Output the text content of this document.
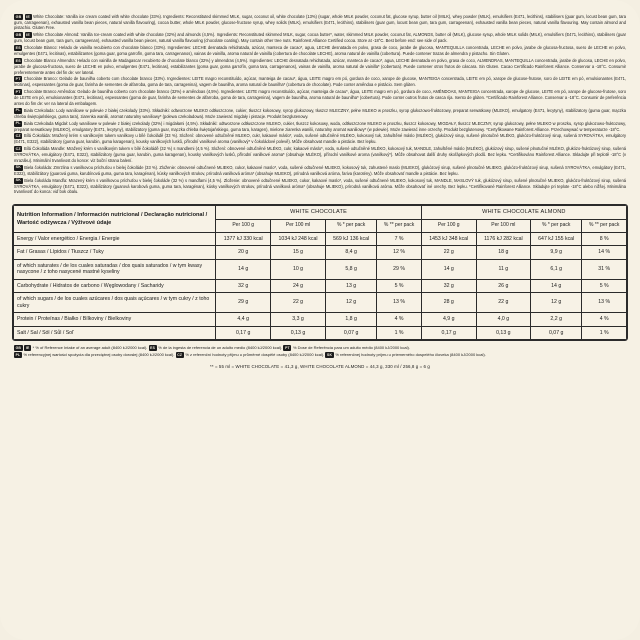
GB IE White Chocolate: Vanilla ice cream coated with white chocolate (33%). Ingredients: Reconstituted skimmed MILK, sugar, coconut oil, white chocolate (13%) (sugar, whole MILK powder, coconut fat, glucose syrup, butter oil (MILK), whey powder (MILK), emulsifiers (E471, lecithins), stabilisers (guar gum, locust bean gum, tara gum, carrageenan), exhausted vanilla bean pieces, natural vanilla flavouring), cocoa butter, whole MILK powder, glucose-fructose syrup, whey solids (MILK), emulsifiers (E471, lecithins), stabilisers (guar gum, locust bean gum, tara gum, carrageenan), exhausted vanilla bean pieces, natural vanilla flavouring. May contain almond and pistachio. Gluten Free.
GB IE White Chocolate Almond: Vanilla Ice-cream coated with white chocolate (32%) and almonds (4,5%). Ingredients: Reconstituted skimmed MILK, sugar, cocoa butter*, water, skimmed MILK powder, coconut fat, ALMONDS, butter oil (MILK), glucose syrup, whole MILK solids (MILK), emulsifiers (E471, lecithins), stabilisers (guar gum, locust bean gum, tara gum, carrageenan), exhausted vanilla bean pieces, natural vanilla flavouring (chocolate coating). May contain other tree nuts. Rainforest Alliance Certified cocoa. Store at -18°C. Best before end: see side of pack.
ES Chocolate Blanco: Helado de vainilla recubierto con chocolate blanco (33%). Ingredientes: LECHE desnatada rehidratada, azúcar, manteca de cacao*, agua, LECHE desnatada en polvo, grasa de coco, jarabe de glucosa, MANTEQUILLA concentrada, LECHE en polvo, jarabe de glucosa-fructosa, suero de LECHE en polvo, emulgentes (E471, lecitinas), estabilizantes (goma guar, goma garrofín, goma tara, carragenanos), vainas de vainilla, aroma natural de vainilla (cobertura de chocolate LECHE), aroma natural de vainilla (cobertura). Puede contener trazas de almendra y pistacho. Sin Gluten.
ES Chocolate Blanco Almendra: Helado con vainilla de Madagascar recubierto de chocolate blanco (32%) y almendras (4,5%). Ingredientes: LECHE desnatada rehidratada, azúcar, manteca de cacao*, agua, LECHE desnatada en polvo, grasa de coco, ALMENDRAS, MANTEQUILLA concentrada, jarabe de glucosa, LECHE en polvo, jarabe de glucosa-fructosa, suero de LECHE en polvo, emulgentes (E471, lecitinas), estabilizantes (goma guar, goma garrofín, goma tara, carragenanos), vainas de vainilla, aroma natural de vainilla* (cobertura). Puede contener otros frutos de cáscara. Sin Gluten. Cacao Certificado Rainforest Alliance. Conservar a -18°C. Consumir preferentemente antes del fin de: ver lateral.
PT Chocolate Branco: Gelado de baunilha coberto com chocolate branco (33%). Ingredientes: LEITE magro reconstituído, açúcar, manteiga de cacau*, água, LEITE magro em pó, gordura de coco, xarope de glucose, MANTEIGA concentrada, LEITE em pó, xarope de glucose-frutose, soro de LEITE em pó, emulsionantes (E471, lecitinas), espessantes (goma de guar, farinha de sementes de alfarroba, goma de tara, carragenina), vagem de baunilha, aroma natural de baunilha* (cobertura de chocolate). Pode conter amêndoa e pistácio. Sem glúten.
PT Chocolate Branco Amêndoa: Gelado de baunilha coberto com chocolate branco (32%) e amêndoas (4,5%). Ingredientes: LEITE magro reconstituído, açúcar, manteiga de cacau*, água, LEITE magro em pó, gordura de coco, AMÊNDOAS, MANTEIGA concentrada, xarope de glucose, LEITE em pó, xarope de glucose-frutose, soro de LEITE em pó, emulsionantes (E471, lecitinas), espessantes (goma de guar, farinha de sementes de alfarroba, goma de tara, carragenina), vagem de baunilha, aroma natural de baunilha* (cobertura). Pode conter outros frutos de casca rija. Isento de glúten. *Certificado Rainforest Alliance. Conservar a -18°C. Consumir de preferência antes do fim de: ver na lateral da embalagem.
PL Biała Czekolada: Lody waniliowe w polewie z białej czekolady (33%). Składniki: odtworzone MLEKO odtłuszczone, cukier, tłuszcz kokosowy, syrop glukozowy, tłuszcz MLECZNY, pełne MLEKO w proszku, syrop glukozowo-fruktozowy, preparat serwatkowy (MLEKO), emulgatory (E471, lecytyny), stabilizatory (guma guar, mączka chleba świętojańskiego, guma tara), ziarenka wanilii, aromat naturalny waniliowy* (polewa czekoladowa). Może zawierać migdały i pistacje. Produkt bezglutenowy.
PL Biała Czekolada Migdał: Lody waniliowe w polewie z białej czekolady (32%) i migdałami (4,5%). Składniki: odtworzone odtłuszczone MLEKO, cukier, tłuszcz kokosowy, woda, odtłuszczone MLEKO w proszku, tłuszcz kokosowy, MIGDAŁY, tłuszcz MLECZNY, syrop glukozowy, pełne MLEKO w proszku, syrop glukozowo-fruktozowy, preparat serwatkowy (MLEKO), emulgatory (E471, lecytyny), stabilizatory (guma guar, mączka chleba świętojańskiego, guma tara, karagen), mielone ziarenka wanilii, naturalny aromat waniliowy* (w polewie). Może zawierać inne orzechy. Produkt bezglutenowy. *Certyfikowane Rainforest Alliance. Przechowywać w temperaturze -18°C.
CZ Bílá Čokoláda: Mražený krém s vanilkovým tukem vanilkovy u bílé čokoládě (33 %). Složení: obnovené odtučněné MLEKO, cukr, kakaové máslo*, voda, sušené odtučněné MLÉKO, kokosový tuk, zahuštěné máslo (MLÉKO), glukózový sirup, sušené plnotučné MLÉKO, glukózo-fruktózový sirup, sušená SYROVÁTKA, emulgátory (E471, E322), stabilizátory (guma guar, karubin, guma karagenan), kousky vanilkových lusků, přírodní vanilkové aroma (vanilkový* v čokoládové polevě). Může obsahovat mandle a pistácie. Bez lepku.
CZ Bílá Čokoláda Mandle: Mražený krém s vanilkovým tukem v bílé čokoládě (32 %) s mandlemi (4,5 %). Složení: obnovené odtučněné MLÉKO, cukr, kakaové máslo*, voda, sušené odtučněné MLÉKO, kokosový tuk, MANDLE, zahuštěné máslo (MLÉKO), glukózový sirup, sušené plnotučné MLÉKO, glukózo-fruktózový sirup, sušená SYROVÁTKA, emulgátory (E471, E322), stabilizátory (guma guar, karubin, guma karagenan), kousky vanilkových lusků, přírodní vanilkové aroma* (obsahuje MLÉKO), přírodní vanilkové aroma (vanilkový*). Může obsahovat další druhy skořápkových plodů. Bez lepku. *Certifikováno Rainforest Alliance. Skladujte při teplotě -18°C (v mrazáku). Minimální trvanlivost do konce: viz boční strana balení.
SK Biela čokoláda: Zmrzlina s vanilkovou príchuťou v bielej čokoláde (33 %). Zloženie: obnovené odtučnené MLIEKO, cukor, kakaové maslo*, voda, sušené odtučnené MLIEKO, kokosový tuk, zahustené maslo (MLIEKO), glukózový sirup, sušené plnotučné MLIEKO, glukózo-fruktózový sirup, sušená SYROVÁTKA, emulgátory (E471, E322), stabilizátory (guarová guma, karubínová guma, guma tara, karagénan), kúsky vanilkových strukov, prírodná vanilková aróma* (obsahuje MLIEKO), prírodná vanilková aróma, fariva (karotény). Môže obsahovať mandle a pistácie. Bez lepku.
SK Biela čokoláda Mandľa: Mrazený krém s vanilkovou príchuťou v bielej čokoláde (32 %) s mandľami (4,5 %). Zloženie: obnovené odtučnené MLIEKO, cukor, kakaové maslo*, voda, sušené odtučnené MLIEKO, kokosový tuk, MANDLE, MASLOVÝ tuk, glukózový sirup, sušené plnotučné MLIEKO, glukózo-fruktózový sirup, sušená SYROVÁTKA, emulgátory (E471, E322), stabilizátory (guarová karobová guma, guma tara, karagénan), kúsky vanilkových strukov, prírodná vanilková aróma* (obsahuje MLIEKO), prírodná vanilková aróma. Môže obsahovať iné orechy. Bez lepku. *Certifikované Rainforest Alliance. Skladujte pri teplote -18°C alebo nižšej. Minimálna trvanlivosť do konca: viď bok obalu.
Nutrition Information / Información nutricional / Declaração nutricional / Wartość odżywcza / Výživové údaje	WHITE CHOCOLATE				WHITE CHOCOLATE ALMOND			
	Per 100 g	Per 100 ml	% * per pack	% ** per pack	Per 100 g	Per 100 ml	% * per pack	% ** per pack
Energy / Valor energético / Energia / Energie	1377 kJ 330 kcal	1034 kJ 248 kcal	569 kJ 136 kcal	7 %	1453 kJ 348 kcal	1176 kJ 282 kcal	647 kJ 155 kcal	8 %
Fat / Grasas / Lípidos / Tłuszcz / Tuky	20 g	15 g	8,4 g	12 %	22 g	18 g	9,9 g	14 %
of which saturates / de los cuales saturadas / dos quais saturados / w tym kwasy nasycone / z toho nasycené mastné kyseliny	14 g	10 g	5,8 g	29 %	14 g	11 g	6,1 g	31 %
Carbohydrate / Hidratos de carbono / Węglowodany / Sacharidy	32 g	24 g	13 g	5 %	32 g	26 g	14 g	5 %
of which sugars / de los cuales azúcares / dos quais açúcares / w tym cukry / z toho cukry	29 g	22 g	12 g	13 %	28 g	22 g	12 g	13 %
Protein / Proteínas / Białko / Bílkoviny / Bielkoviny	4,4 g	3,3 g	1,8 g	4 %	4,9 g	4,0 g	2,2 g	4 %
Salt / Sal / Sól / Sůl / Soľ	0,17 g	0,13 g	0,07 g	1 %	0,17 g	0,13 g	0,07 g	1 %
GB IE * % of Reference Intake of an average adult (8400 kJ/2000 kcal). ES % de la ingesta de referencia de un adulto medio (8400 kJ/2000 kcal). PT % Dose de Referência para um adulto médio (8400 kJ/2000 kcal).
PL % referencyjnej wartości spożycia dla przeciętnej osoby dorosłej (8400 kJ/2000 kcal). CZ % z referenční hodnoty příjmu u průměrné dospělé osoby (8400 kJ/2000 kcal). SK % referenčnej hodnoty príjmu u priemerného dospelého človeka (8400 kJ/2000 kcal).
** = 55 ml = WHITE CHOCOLATE = 41,3 g, WHITE CHOCOLATE ALMOND = 44,3 g, 330 ml / 256,8 g = 6 g
